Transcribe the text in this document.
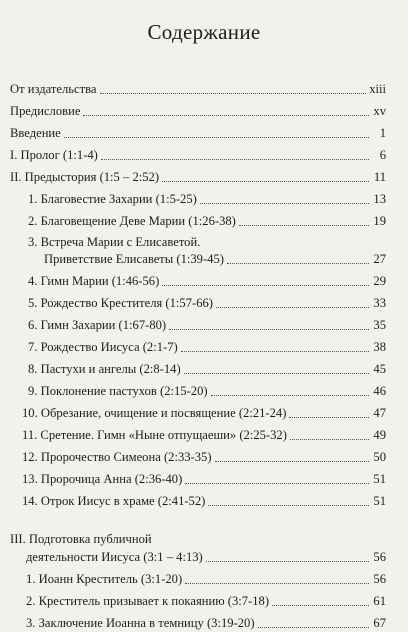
Содержание
От издательства	xiii
Предисловие	xv
Введение	1
I. Пролог (1:1-4)	6
II. Предыстория (1:5 – 2:52)	11
1. Благовестие Захарии (1:5-25)	13
2. Благовещение Деве Марии (1:26-38)	19
3. Встреча Марии с Елисаветой.
Приветствие Елисаветы (1:39-45)	27
4. Гимн Марии (1:46-56)	29
5. Рождество Крестителя (1:57-66)	33
6. Гимн Захарии (1:67-80)	35
7. Рождество Иисуса (2:1-7)	38
8. Пастухи и ангелы (2:8-14)	45
9. Поклонение пастухов (2:15-20)	46
10. Обрезание, очищение и посвящение (2:21-24)	47
11. Сретение. Гимн «Ныне отпущаеши» (2:25-32)	49
12. Пророчество Симеона (2:33-35)	50
13. Пророчица Анна (2:36-40)	51
14. Отрок Иисус в храме (2:41-52)	51
III. Подготовка публичной
деятельности Иисуса (3:1 – 4:13)	56
1. Иоанн Креститель (3:1-20)	56
2. Креститель призывает к покаянию (3:7-18)	61
3. Заключение Иоанна в темницу (3:19-20)	67
